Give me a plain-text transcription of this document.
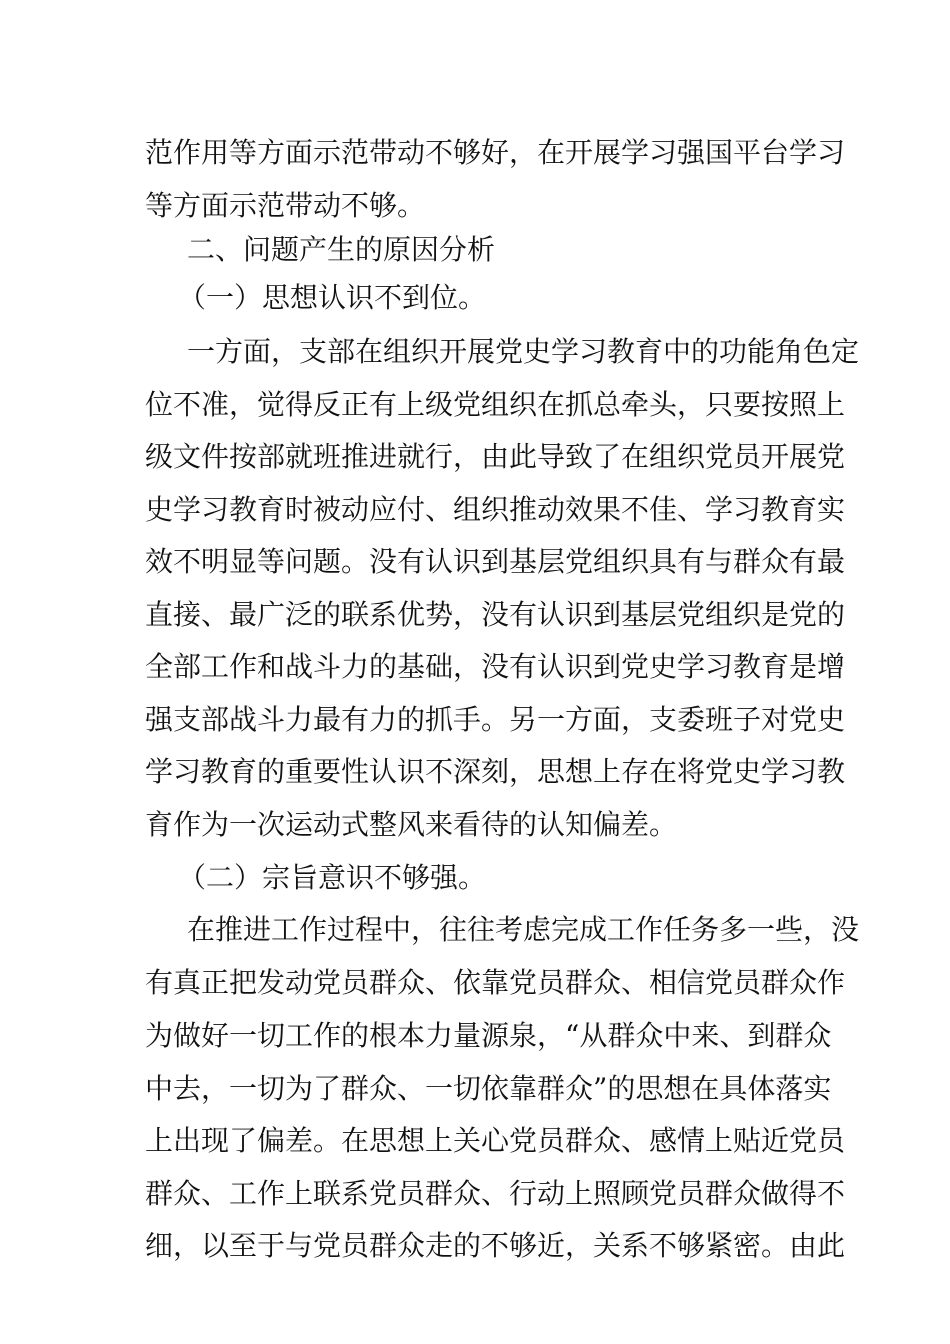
范作用等方面示范带动不够好，在开展学习强国平台学习
等方面示范带动不够。
二、问题产生的原因分析
（一）思想认识不到位。
一方面，支部在组织开展党史学习教育中的功能角色定
位不准，觉得反正有上级党组织在抓总牵头，只要按照上
级文件按部就班推进就行，由此导致了在组织党员开展党
史学习教育时被动应付、组织推动效果不佳、学习教育实
效不明显等问题。没有认识到基层党组织具有与群众有最
直接、最广泛的联系优势，没有认识到基层党组织是党的
全部工作和战斗力的基础，没有认识到党史学习教育是增
强支部战斗力最有力的抓手。另一方面，支委班子对党史
学习教育的重要性认识不深刻，思想上存在将党史学习教
育作为一次运动式整风来看待的认知偏差。
（二）宗旨意识不够强。
在推进工作过程中，往往考虑完成工作任务多一些，没
有真正把发动党员群众、依靠党员群众、相信党员群众作
为做好一切工作的根本力量源泉，“从群众中来、到群众
中去，一切为了群众、一切依靠群众”的思想在具体落实
上出现了偏差。在思想上关心党员群众、感情上贴近党员
群众、工作上联系党员群众、行动上照顾党员群众做得不
细，以至于与党员群众走的不够近，关系不够紧密。由此
